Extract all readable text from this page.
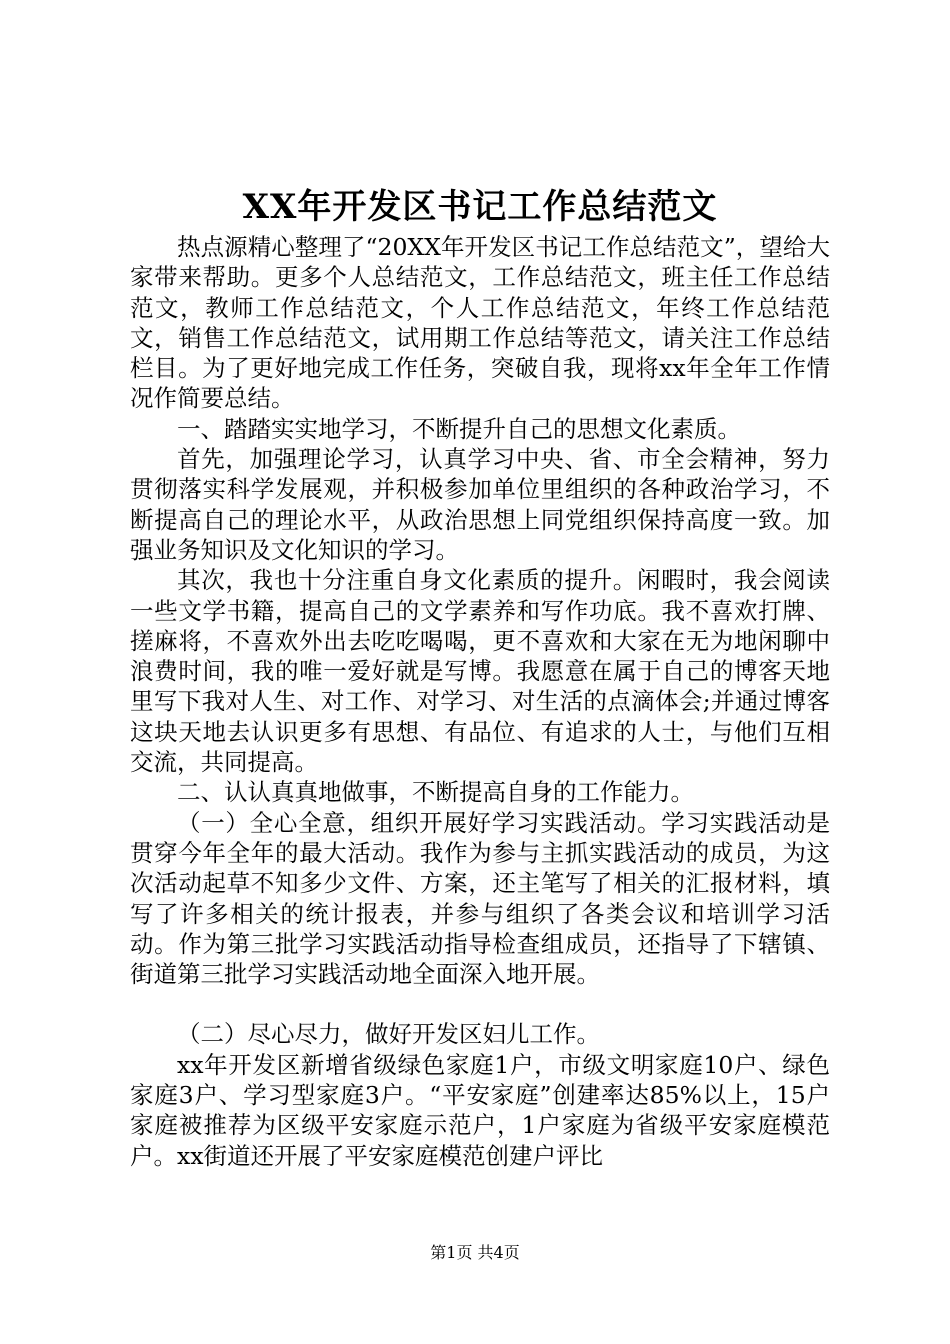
XX年开发区书记工作总结范文

热点源精心整理了“20XX年开发区书记工作总结范文”，望给大家带来帮助。更多个人总结范文，工作总结范文，班主任工作总结范文，教师工作总结范文，个人工作总结范文，年终工作总结范文，销售工作总结范文，试用期工作总结等范文，请关注工作总结栏目。为了更好地完成工作任务，突破自我，现将xx年全年工作情况作简要总结。

一、踏踏实实地学习，不断提升自己的思想文化素质。

首先，加强理论学习，认真学习中央、省、市全会精神，努力贯彻落实科学发展观，并积极参加单位里组织的各种政治学习，不断提高自己的理论水平，从政治思想上同党组织保持高度一致。加强业务知识及文化知识的学习。

其次，我也十分注重自身文化素质的提升。闲暇时，我会阅读一些文学书籍，提高自己的文学素养和写作功底。我不喜欢打牌、搓麻将，不喜欢外出去吃吃喝喝，更不喜欢和大家在无为地闲聊中浪费时间，我的唯一爱好就是写博。我愿意在属于自己的博客天地里写下我对人生、对工作、对学习、对生活的点滴体会;并通过博客这块天地去认识更多有思想、有品位、有追求的人士，与他们互相交流，共同提高。

二、认认真真地做事，不断提高自身的工作能力。

（一）全心全意，组织开展好学习实践活动。学习实践活动是贯穿今年全年的最大活动。我作为参与主抓实践活动的成员，为这次活动起草不知多少文件、方案，还主笔写了相关的汇报材料，填写了许多相关的统计报表，并参与组织了各类会议和培训学习活动。作为第三批学习实践活动指导检查组成员，还指导了下辖镇、街道第三批学习实践活动地全面深入地开展。

（二）尽心尽力，做好开发区妇儿工作。

xx年开发区新增省级绿色家庭1户，市级文明家庭10户、绿色家庭3户、学习型家庭3户。“平安家庭”创建率达85%以上，15户家庭被推荐为区级平安家庭示范户，1户家庭为省级平安家庭模范户。xx街道还开展了平安家庭模范创建户评比

第1页 共4页
